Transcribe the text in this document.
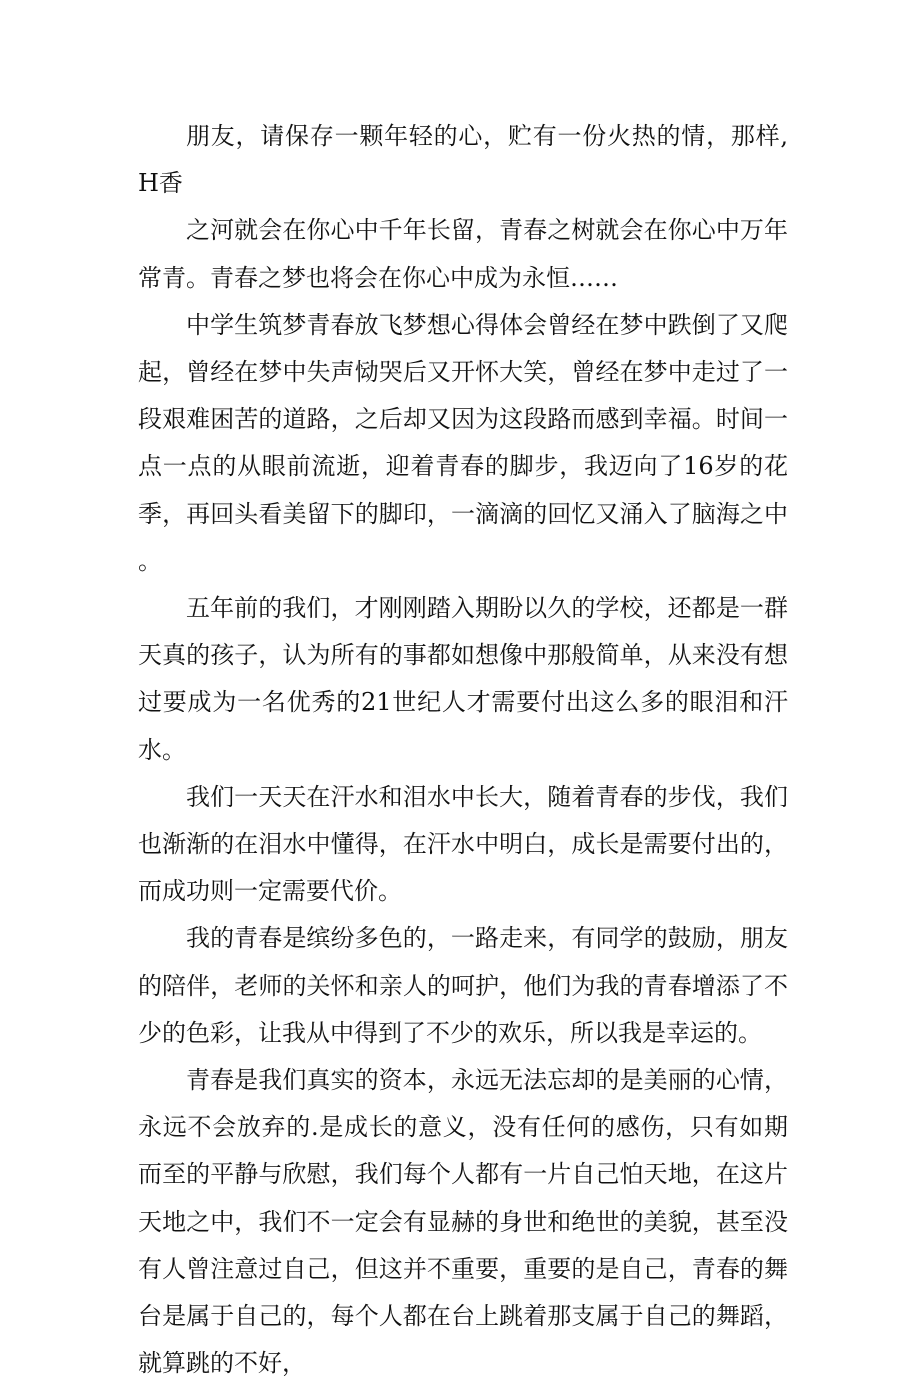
朋友，请保存一颗年轻的心，贮有一份火热的情，那样,H香

之河就会在你心中千年长留，青春之树就会在你心中万年常青。青春之梦也将会在你心中成为永恒……

中学生筑梦青春放飞梦想心得体会曾经在梦中跌倒了又爬起，曾经在梦中失声恸哭后又开怀大笑，曾经在梦中走过了一段艰难困苦的道路，之后却又因为这段路而感到幸福。时间一点一点的从眼前流逝，迎着青春的脚步，我迈向了16岁的花季，再回头看美留下的脚印，一滴滴的回忆又涌入了脑海之中。

五年前的我们，才刚刚踏入期盼以久的学校，还都是一群天真的孩子，认为所有的事都如想像中那般简单，从来没有想过要成为一名优秀的21世纪人才需要付出这么多的眼泪和汗水。

我们一天天在汗水和泪水中长大，随着青春的步伐，我们也渐渐的在泪水中懂得，在汗水中明白，成长是需要付出的，而成功则一定需要代价。

我的青春是缤纷多色的，一路走来，有同学的鼓励，朋友的陪伴，老师的关怀和亲人的呵护，他们为我的青春增添了不少的色彩，让我从中得到了不少的欢乐，所以我是幸运的。

青春是我们真实的资本，永远无法忘却的是美丽的心情，永远不会放弃的.是成长的意义，没有任何的感伤，只有如期而至的平静与欣慰，我们每个人都有一片自己怕天地，在这片天地之中，我们不一定会有显赫的身世和绝世的美貌，甚至没有人曾注意过自己，但这并不重要，重要的是自己，青春的舞台是属于自己的，每个人都在台上跳着那支属于自己的舞蹈，就算跳的不好，
